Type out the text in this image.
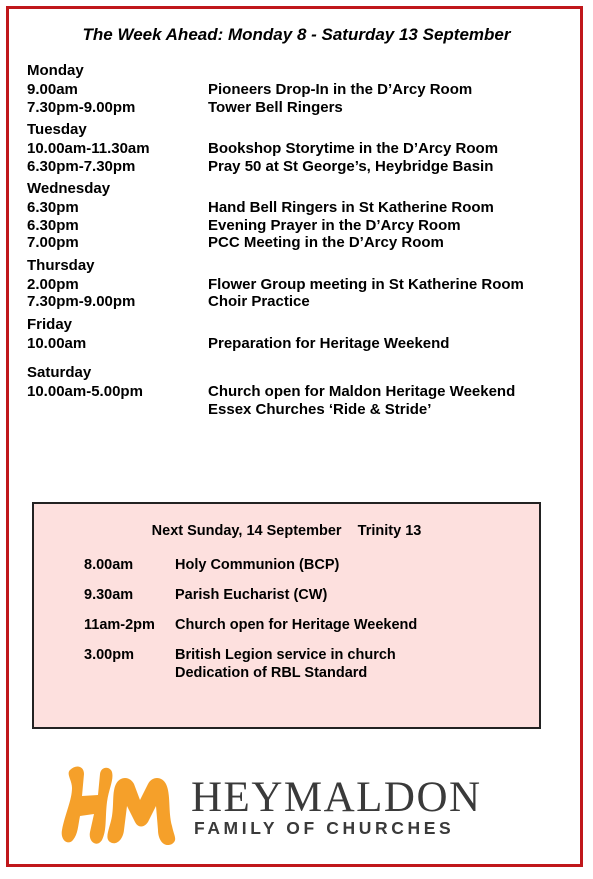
The Week Ahead: Monday 8 - Saturday 13 September
Monday
9.00am	Pioneers Drop-In in the D’Arcy Room
7.30pm-9.00pm	Tower Bell Ringers
Tuesday
10.00am-11.30am	Bookshop Storytime in the D’Arcy Room
6.30pm-7.30pm	Pray 50 at St George’s, Heybridge Basin
Wednesday
6.30pm	Hand Bell Ringers in St Katherine Room
6.30pm	Evening Prayer in the D’Arcy Room
7.00pm	PCC Meeting in the D’Arcy Room
Thursday
2.00pm	Flower Group meeting in St Katherine Room
7.30pm-9.00pm	Choir Practice
Friday
10.00am	Preparation for Heritage Weekend
Saturday
10.00am-5.00pm	Church open for Maldon Heritage Weekend
Essex Churches ‘Ride & Stride’
Next Sunday, 14 September    Trinity 13
8.00am	Holy Communion (BCP)
9.30am	Parish Eucharist (CW)
11am-2pm	Church open for Heritage Weekend
3.00pm	British Legion service in church
Dedication of RBL Standard
HEYMALDON
FAMILY OF CHURCHES
